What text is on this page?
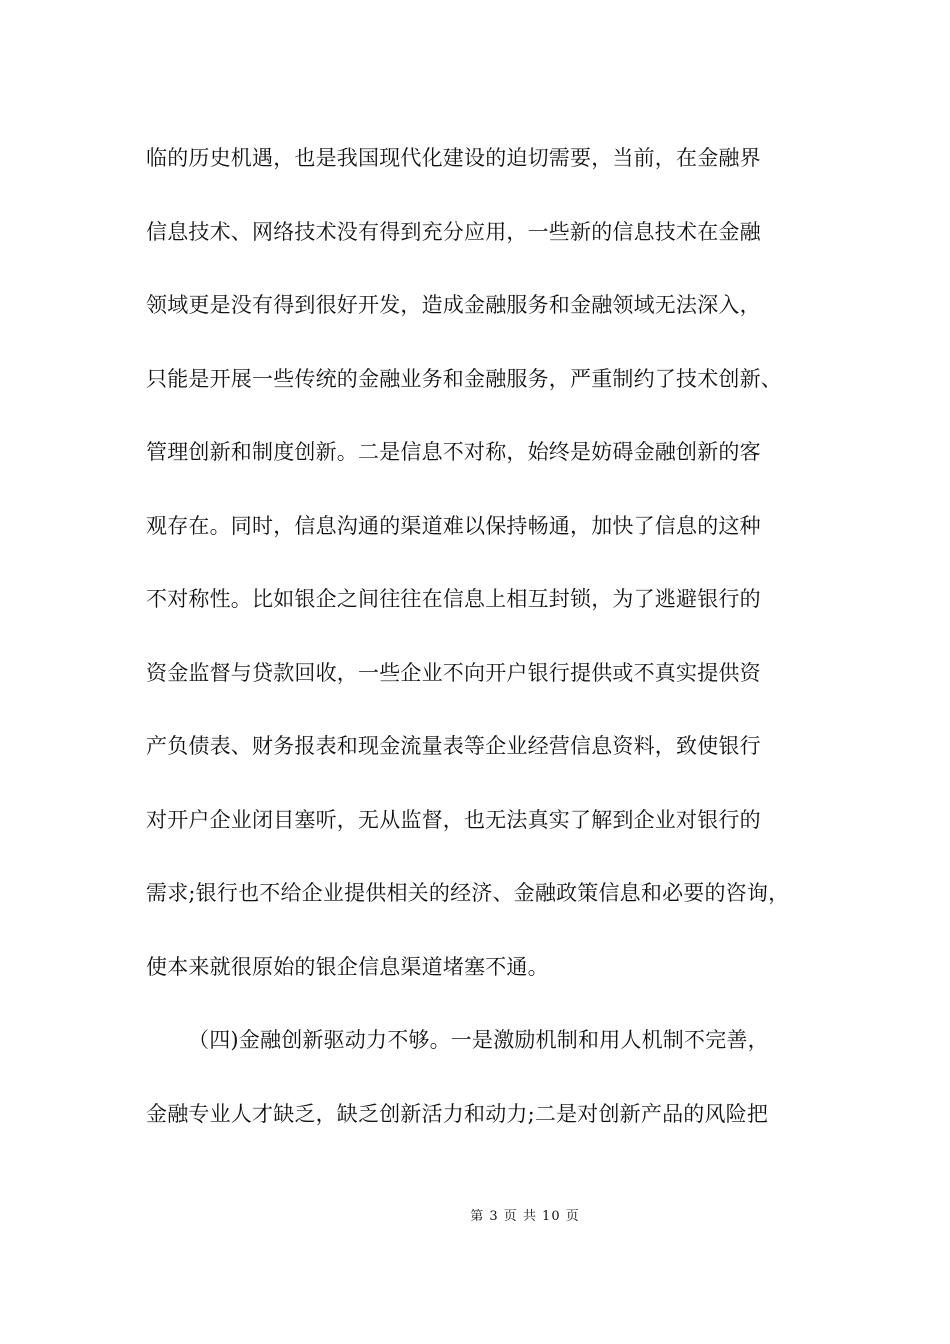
临的历史机遇，也是我国现代化建设的迫切需要，当前，在金融界
信息技术、网络技术没有得到充分应用，一些新的信息技术在金融
领域更是没有得到很好开发，造成金融服务和金融领域无法深入，
只能是开展一些传统的金融业务和金融服务，严重制约了技术创新、
管理创新和制度创新。二是信息不对称，始终是妨碍金融创新的客
观存在。同时，信息沟通的渠道难以保持畅通，加快了信息的这种
不对称性。比如银企之间往往在信息上相互封锁，为了逃避银行的
资金监督与贷款回收，一些企业不向开户银行提供或不真实提供资
产负债表、财务报表和现金流量表等企业经营信息资料，致使银行
对开户企业闭目塞听，无从监督，也无法真实了解到企业对银行的
需求;银行也不给企业提供相关的经济、金融政策信息和必要的咨询，
使本来就很原始的银企信息渠道堵塞不通。
（四)金融创新驱动力不够。一是激励机制和用人机制不完善，
金融专业人才缺乏，缺乏创新活力和动力;二是对创新产品的风险把
第 3 页 共 10 页
